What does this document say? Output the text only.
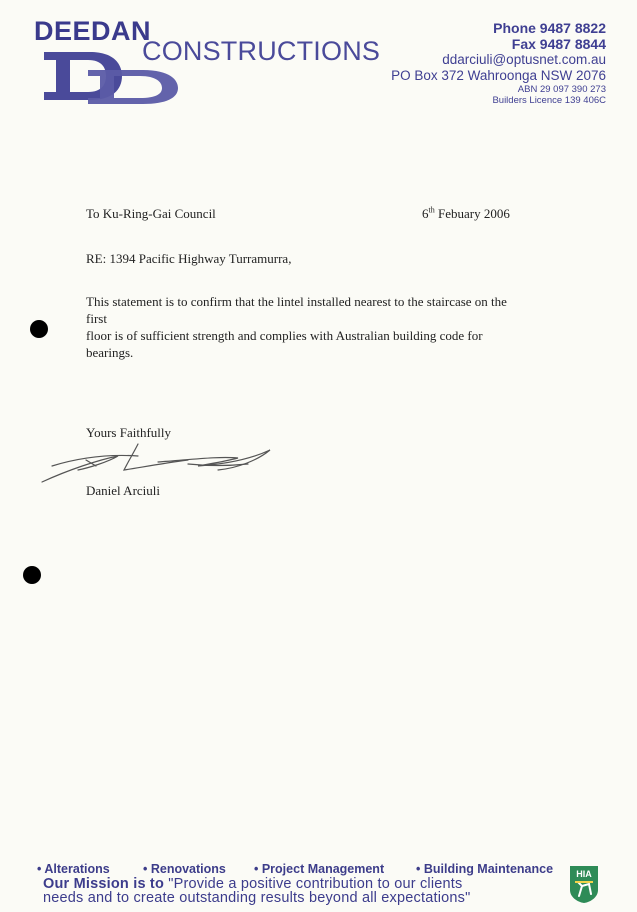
DEEDAN
CONSTRUCTIONS
Phone 9487 8822
Fax 9487 8844
ddarciuli@optusnet.com.au
PO Box 372 Wahroonga NSW 2076
ABN 29 097 390 273
Builders Licence 139 406C
To Ku-Ring-Gai Council	6th Febuary 2006
RE: 1394 Pacific Highway Turramurra,
This statement is to confirm that the lintel installed nearest to the staircase on the first
floor is of sufficient strength and complies with Australian building code for bearings.
Yours Faithfully
Daniel Arciuli
• Alterations	• Renovations	• Project Management	• Building Maintenance
Our Mission is to "Provide a positive contribution to our clients
needs and to create outstanding results beyond all expectations"
HIA
